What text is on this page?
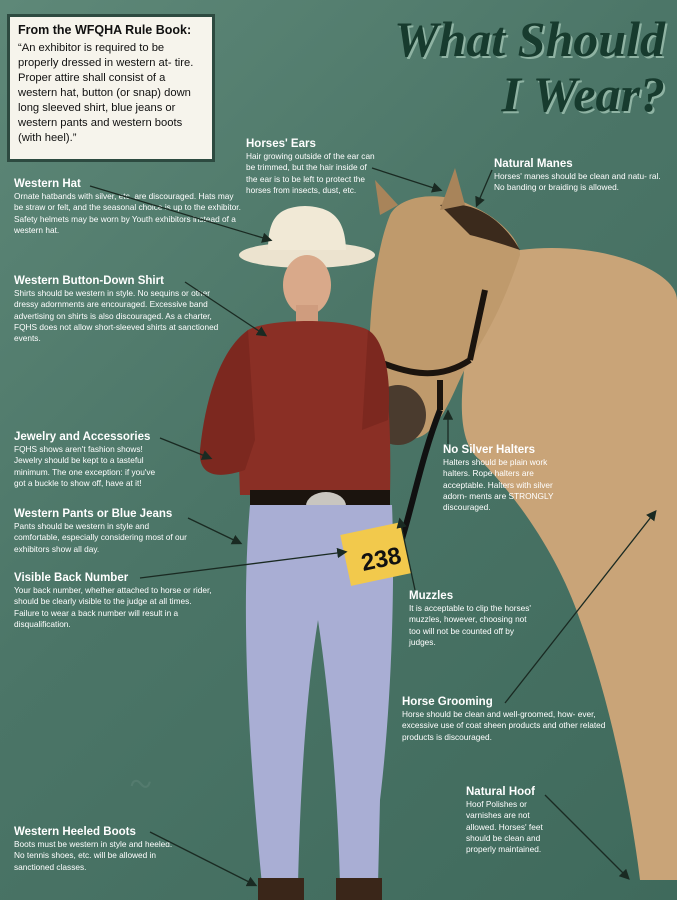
~
238
From the WFQHA Rule Book:

“An exhibitor is required to be properly dressed in western at- tire. Proper attire shall consist of a western hat, button (or snap) down long sleeved shirt, blue jeans or western pants and western boots (with heel).”

What Should
I Wear?
Western Hat

Ornate hatbands with silver, etc. are discouraged. Hats may be straw or felt, and the seasonal choice is up to the exhibitor. Safety helmets may be worn by Youth exhibitors instead of a western hat.

Horses' Ears

Hair growing outside of the ear can be trimmed, but the hair inside of the ear is to be left to protect the horses from insects, dust, etc.

Natural Manes

Horses' manes should be clean and natu- ral. No banding or braiding is allowed.

Western Button-Down Shirt

Shirts should be western in style. No sequins or other dressy adornments are encouraged. Excessive band advertising on shirts is also discouraged. As a charter, FQHS does not allow short-sleeved shirts at sanctioned events.

Jewelry and Accessories

FQHS shows aren't fashion shows! Jewelry should be kept to a tasteful minimum. The one exception: if you've got a buckle to show off, have at it!

No Silver Halters

Halters should be plain work halters. Rope halters are acceptable. Halters with silver adorn- ments are STRONGLY discouraged.

Western Pants or Blue Jeans

Pants should be western in style and comfortable, especially considering most of our exhibitors show all day.

Visible Back Number

Your back number, whether attached to horse or rider, should be clearly visible to the judge at all times. Failure to wear a back number will result in a disqualification.

Muzzles

It is acceptable to clip the horses' muzzles, however, choosing not too will not be counted off by judges.

Horse Grooming

Horse should be clean and well-groomed, how- ever, excessive use of coat sheen products and other related products is discouraged.

Natural Hoof

Hoof Polishes or varnishes are not allowed. Horses' feet should be clean and properly maintained.

Western Heeled Boots

Boots must be western in style and heeled. No tennis shoes, etc. will be allowed in sanctioned classes.
